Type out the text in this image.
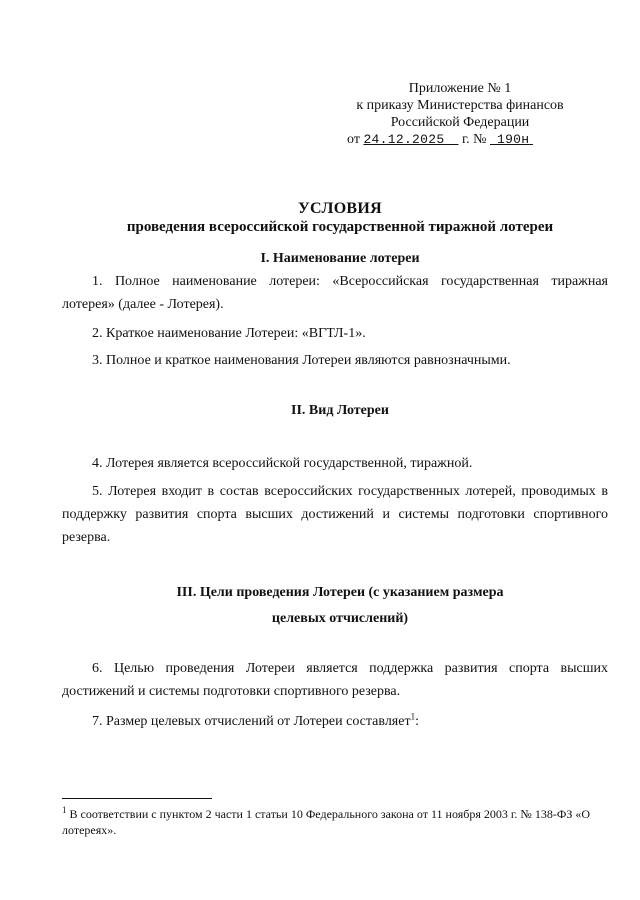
Приложение № 1
к приказу Министерства финансов
Российской Федерации
от 24.12.2025 г. № 190н
УСЛОВИЯ
проведения всероссийской государственной тиражной лотереи
I. Наименование лотереи
1. Полное наименование лотереи: «Всероссийская государственная тиражная лотерея» (далее - Лотерея).
2. Краткое наименование Лотереи: «ВГТЛ-1».
3. Полное и краткое наименования Лотереи являются равнозначными.
II. Вид Лотереи
4. Лотерея является всероссийской государственной, тиражной.
5. Лотерея входит в состав всероссийских государственных лотерей, проводимых в поддержку развития спорта высших достижений и системы подготовки спортивного резерва.
III. Цели проведения Лотереи (с указанием размера
целевых отчислений)
6. Целью проведения Лотереи является поддержка развития спорта высших достижений и системы подготовки спортивного резерва.
7. Размер целевых отчислений от Лотереи составляет$^1$:
$^1$ В соответствии с пунктом 2 части 1 статьи 10 Федерального закона от 11 ноября 2003 г. № 138-ФЗ «О лотереях».
